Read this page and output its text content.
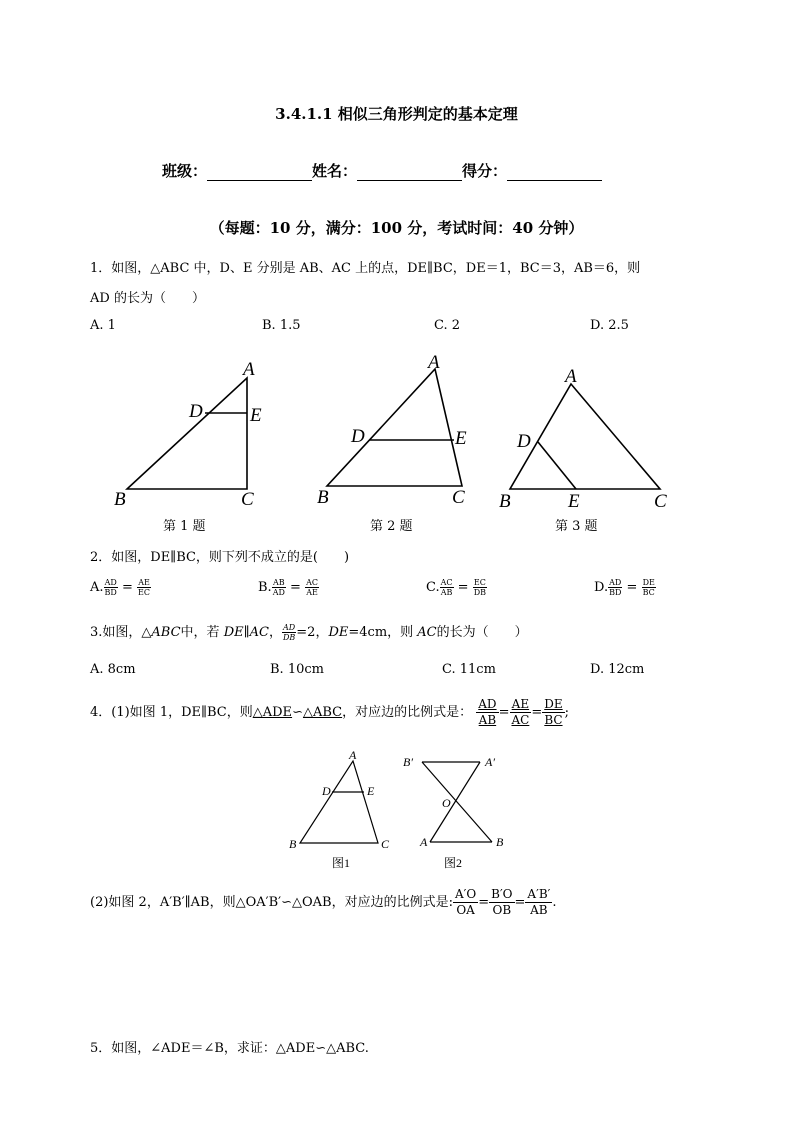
3.4.1.1 相似三角形判定的基本定理
班级：	姓名：	得分：
（每题：10 分，满分：100 分，考试时间：40 分钟）
1．如图，△ABC 中，D、E 分别是 AB、AC 上的点，DE∥BC，DE＝1，BC＝3，AB＝6，则
AD 的长为（　　）
A. 1	B. 1.5	C. 2	D. 2.5
A
D E
B	C
A
D	E
B	C
A
D
B	E	C
第 1 题	第 2 题	第 3 题
2．如图，DE∥BC，则下列不成立的是(　　)
A. $\frac{AD}{BD} = \frac{AE}{EC}$	B. $\frac{AB}{AD} = \frac{AC}{AE}$	C. $\frac{AC}{AB} = \frac{EC}{DB}$	D. $\frac{AD}{BD} = \frac{DE}{BC}$
3.如图，△ABC中，若 DE∥AC， $\frac{AD}{DB} =2$，DE=4cm，则 AC的长为（　　）
A. 8cm	B. 10cm	C. 11cm	D. 12cm
4．(1)如图 1，DE∥BC，则△ADE∽△ABC，对应边的比例式是： $\frac{AD}{AB} = \frac{AE}{AC} = \frac{DE}{BC}$ ;
A
D	E
B	C
B′	A′
O
A	B
图1	图2
(2)如图 2，A′B′∥AB，则△OA′B′∽△OAB，对应边的比例式是: $\frac{A'O}{OA} = \frac{B'O}{OB} = \frac{A'B'}{AB}$ .
5．如图，∠ADE＝∠B，求证：△ADE∽△ABC.
